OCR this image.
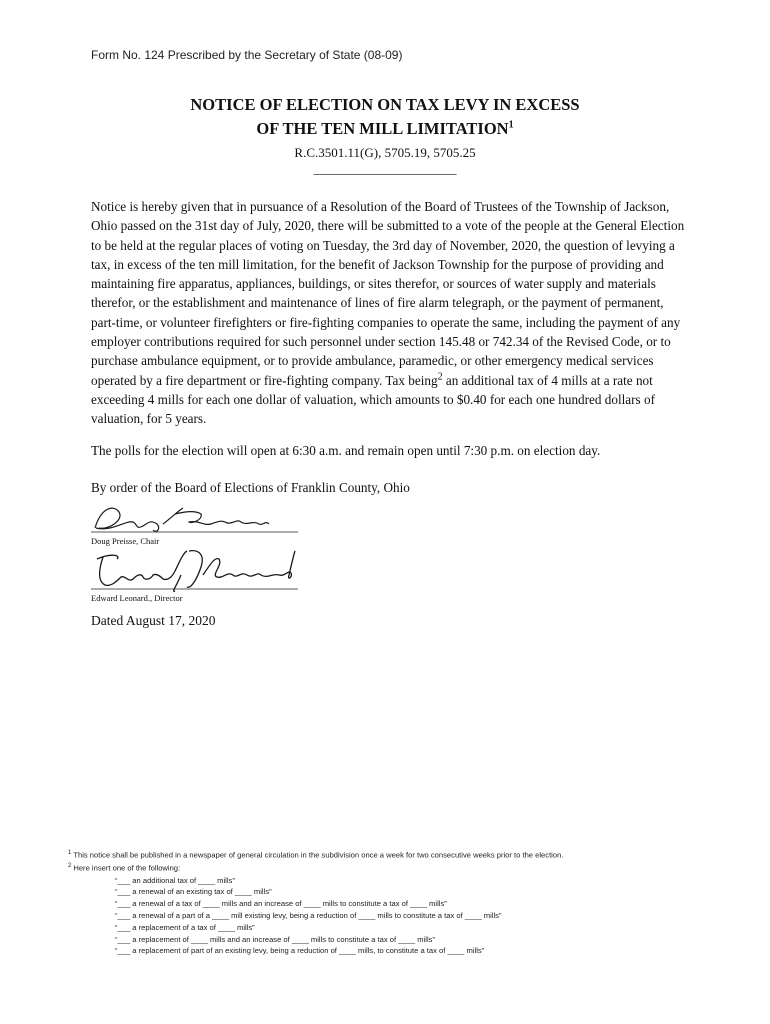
Form No. 124 Prescribed by the Secretary of State (08-09)
NOTICE OF ELECTION ON TAX LEVY IN EXCESS
OF THE TEN MILL LIMITATION$^1$
R.C.3501.11(G), 5705.19, 5705.25
______________________
Notice is hereby given that in pursuance of a Resolution of the Board of Trustees of the Township of Jackson, Ohio passed on the 31st day of July, 2020, there will be submitted to a vote of the people at the General Election to be held at the regular places of voting on Tuesday, the 3rd day of November, 2020, the question of levying a tax, in excess of the ten mill limitation, for the benefit of Jackson Township for the purpose of providing and maintaining fire apparatus, appliances, buildings, or sites therefor, or sources of water supply and materials therefor, or the establishment and maintenance of lines of fire alarm telegraph, or the payment of permanent, part-time, or volunteer firefighters or fire-fighting companies to operate the same, including the payment of any employer contributions required for such personnel under section 145.48 or 742.34 of the Revised Code, or to purchase ambulance equipment, or to provide ambulance, paramedic, or other emergency medical services operated by a fire department or fire-fighting company. Tax being$^2$ an additional tax of 4 mills at a rate not exceeding 4 mills for each one dollar of valuation, which amounts to $0.40 for each one hundred dollars of valuation, for 5 years.
The polls for the election will open at 6:30 a.m. and remain open until 7:30 p.m. on election day.
By order of the Board of Elections of Franklin County, Ohio
Doug Preisse, Chair
Edward Leonard., Director
Dated August 17, 2020
$^1$ This notice shall be published in a newspaper of general circulation in the subdivision once a week for two consecutive weeks prior to the election.
$^2$ Here insert one of the following:
“___ an additional tax of ____ mills”
“___ a renewal of an existing tax of ____ mills”
“___ a renewal of a tax of ____ mills and an increase of ____ mills to constitute a tax of ____ mills”
“___ a renewal of a part of a ____ mill existing levy, being a reduction of ____ mills to constitute a tax of ____ mills”
“___ a replacement of a tax of ____ mills”
“___ a replacement of ____ mills and an increase of ____ mills to constitute a tax of ____ mills”
“___ a replacement of part of an existing levy, being a reduction of ____ mills, to constitute a tax of ____ mills”
